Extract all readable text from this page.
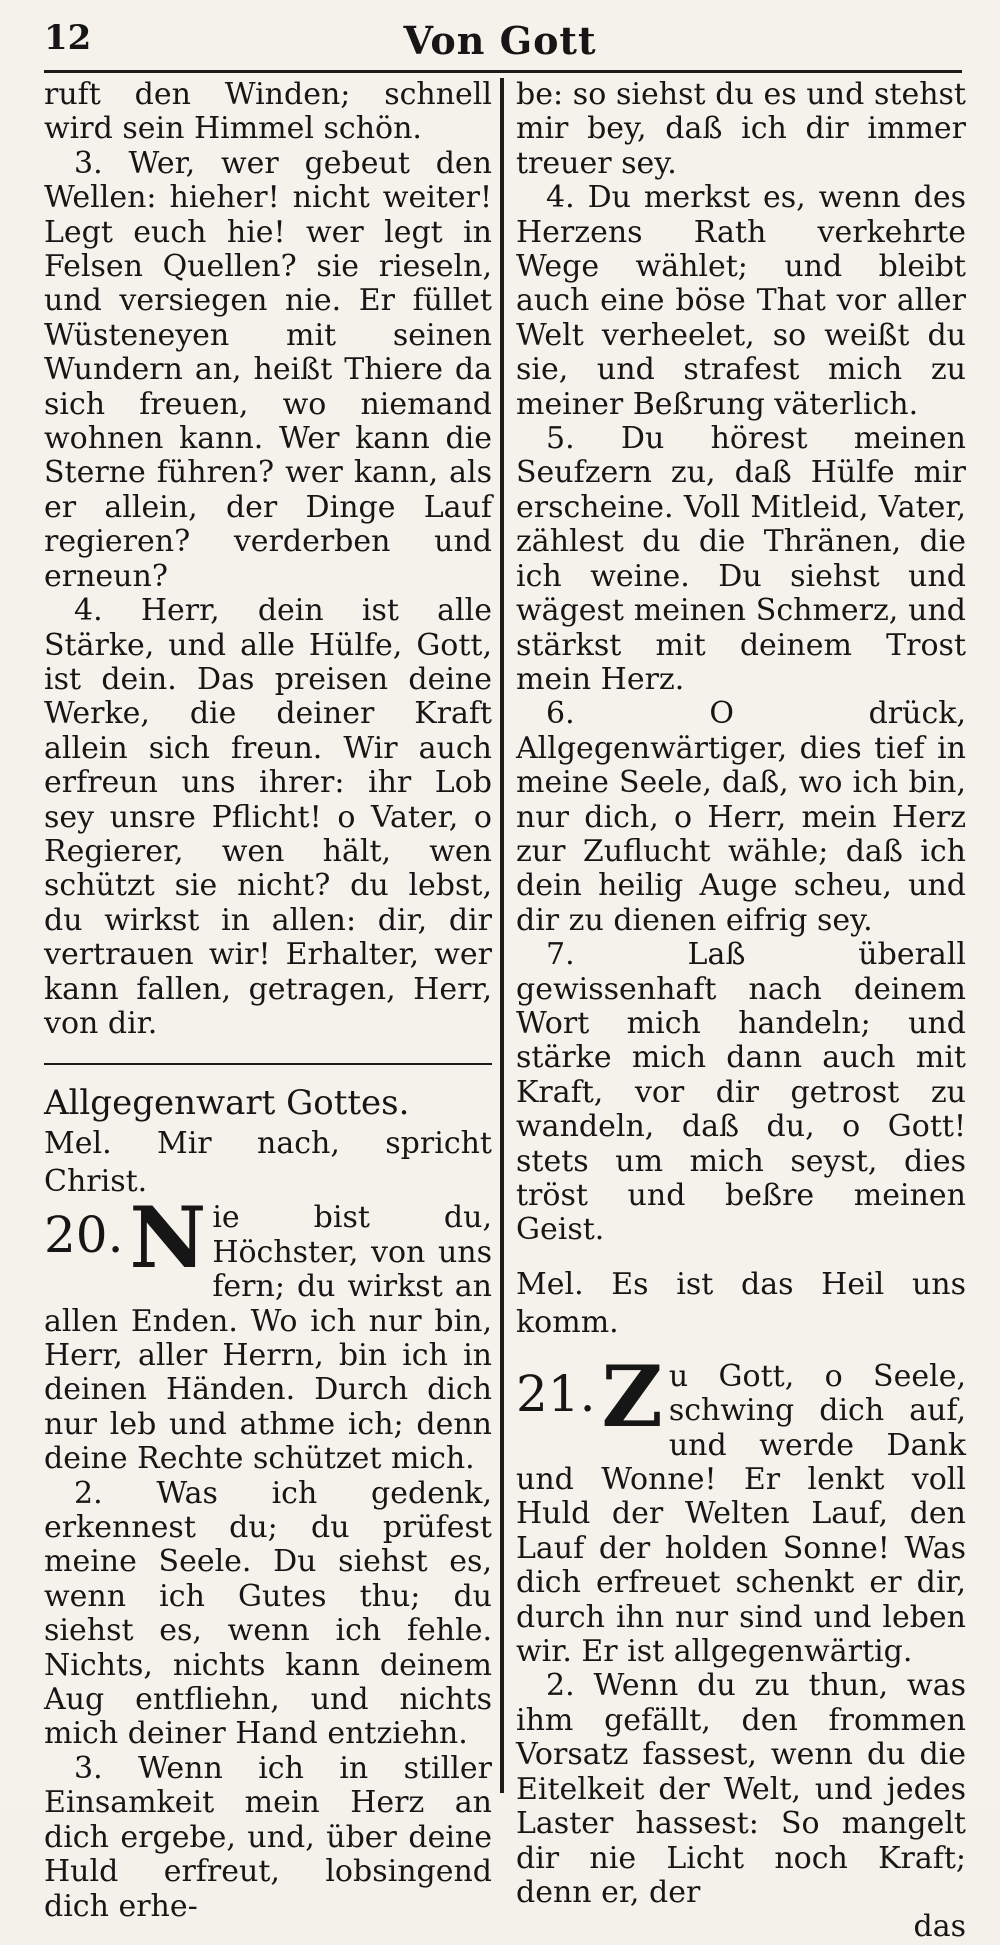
12	Von Gott

ruft den Winden; schnell wird sein Himmel schön.

3. Wer, wer gebeut den Wellen: hieher! nicht weiter! Legt euch hie! wer legt in Felsen Quellen? sie rieseln, und versiegen nie. Er füllet Wüsteneyen mit seinen Wundern an, heißt Thiere da sich freuen, wo niemand wohnen kann. Wer kann die Sterne führen? wer kann, als er allein, der Dinge Lauf regieren? verderben und erneun?

4. Herr, dein ist alle Stärke, und alle Hülfe, Gott, ist dein. Das preisen deine Werke, die deiner Kraft allein sich freun. Wir auch erfreun uns ihrer: ihr Lob sey unsre Pflicht! o Vater, o Regierer, wen hält, wen schützt sie nicht? du lebst, du wirkst in allen: dir, dir vertrauen wir! Erhalter, wer kann fallen, getragen, Herr, von dir.

Allgegenwart Gottes.

Mel. Mir nach, spricht Christ.

20. N ie bist du, Höchster, von uns fern; du wirkst an allen Enden. Wo ich nur bin, Herr, aller Herrn, bin ich in deinen Händen. Durch dich nur leb und athme ich; denn deine Rechte schützet mich.

2. Was ich gedenk, erkennest du; du prüfest meine Seele. Du siehst es, wenn ich Gutes thu; du siehst es, wenn ich fehle. Nichts, nichts kann deinem Aug entfliehn, und nichts mich deiner Hand entziehn.

3. Wenn ich in stiller Einsamkeit mein Herz an dich ergebe, und, über deine Huld erfreut, lobsingend dich erhe-

be: so siehst du es und stehst mir bey, daß ich dir immer treuer sey.

4. Du merkst es, wenn des Herzens Rath verkehrte Wege wählet; und bleibt auch eine böse That vor aller Welt verheelet, so weißt du sie, und strafest mich zu meiner Beßrung väterlich.

5. Du hörest meinen Seufzern zu, daß Hülfe mir erscheine. Voll Mitleid, Vater, zählest du die Thränen, die ich weine. Du siehst und wägest meinen Schmerz, und stärkst mit deinem Trost mein Herz.

6. O drück, Allgegenwärtiger, dies tief in meine Seele, daß, wo ich bin, nur dich, o Herr, mein Herz zur Zuflucht wähle; daß ich dein heilig Auge scheu, und dir zu dienen eifrig sey.

7. Laß überall gewissenhaft nach deinem Wort mich handeln; und stärke mich dann auch mit Kraft, vor dir getrost zu wandeln, daß du, o Gott! stets um mich seyst, dies tröst und beßre meinen Geist.

Mel. Es ist das Heil uns komm.

21. Z u Gott, o Seele, schwing dich auf, und werde Dank und Wonne! Er lenkt voll Huld der Welten Lauf, den Lauf der holden Sonne! Was dich erfreuet schenkt er dir, durch ihn nur sind und leben wir. Er ist allgegenwärtig.

2. Wenn du zu thun, was ihm gefällt, den frommen Vorsatz fassest, wenn du die Eitelkeit der Welt, und jedes Laster hassest: So mangelt dir nie Licht noch Kraft; denn er, der

das
